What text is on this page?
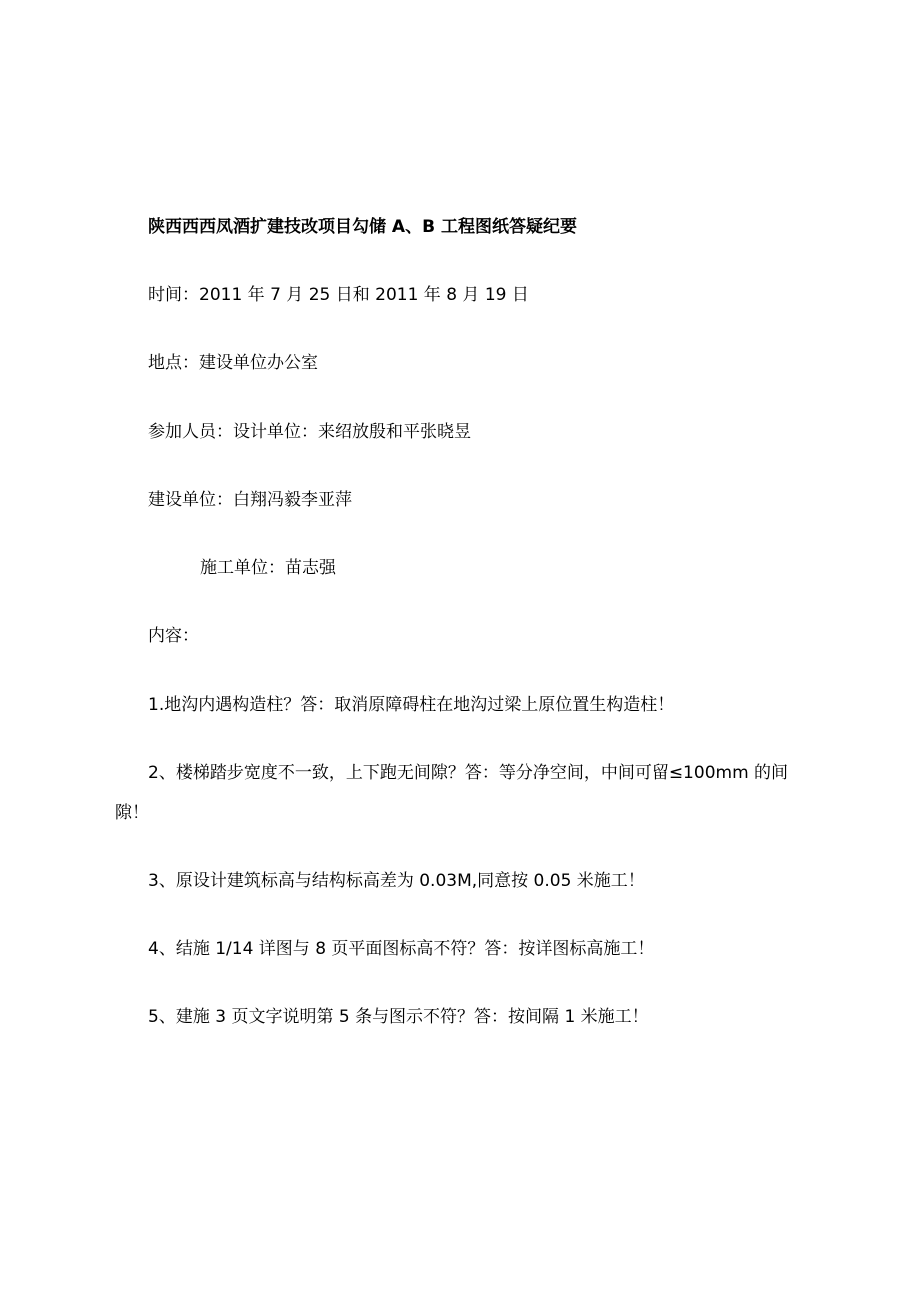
陕西西西凤酒扩建技改项目勾储 A、B 工程图纸答疑纪要
时间：2011 年 7 月 25 日和 2011 年 8 月 19 日
地点：建设单位办公室
参加人员：设计单位：来绍放殷和平张晓昱
建设单位：白翔冯毅李亚萍
施工单位：苗志强
内容：
1.地沟内遇构造柱？答：取消原障碍柱在地沟过梁上原位置生构造柱！
2、楼梯踏步宽度不一致，上下跑无间隙？答：等分净空间，中间可留≤100mm 的间隙！
3、原设计建筑标高与结构标高差为 0.03M,同意按 0.05 米施工！
4、结施 1/14 详图与 8 页平面图标高不符？答：按详图标高施工！
5、建施 3 页文字说明第 5 条与图示不符？答：按间隔 1 米施工！
